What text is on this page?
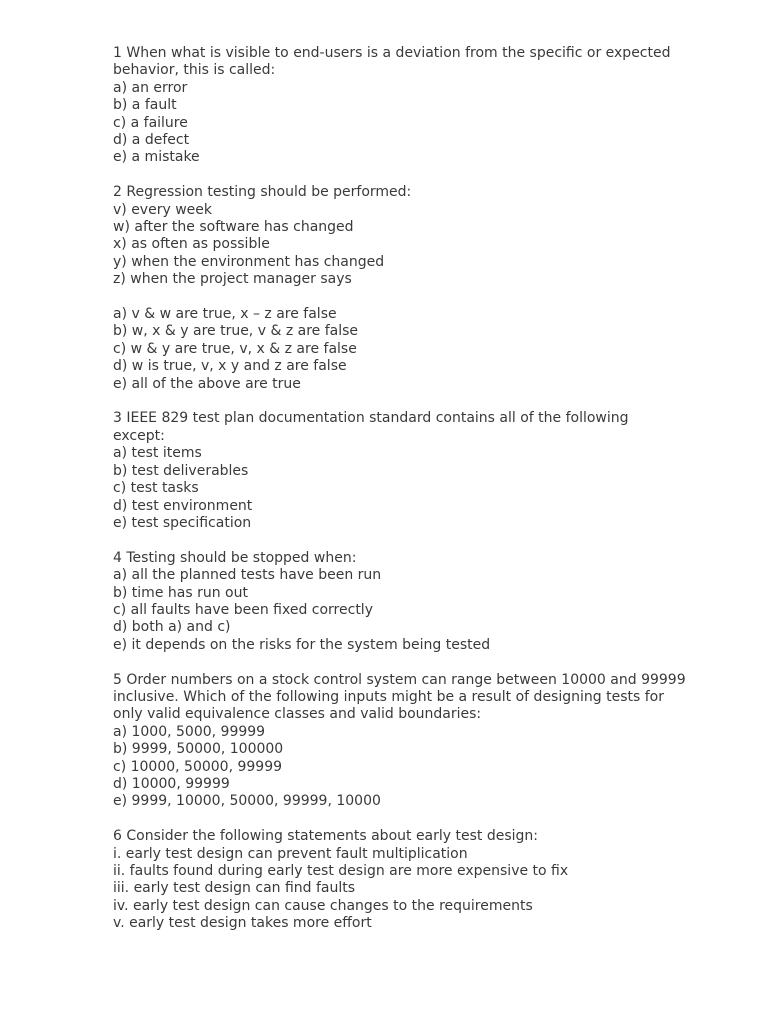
1 When what is visible to end-users is a deviation from the specific or expected
behavior, this is called:
a) an error
b) a fault
c) a failure
d) a defect
e) a mistake
2 Regression testing should be performed:
v) every week
w) after the software has changed
x) as often as possible
y) when the environment has changed
z) when the project manager says
a) v & w are true, x – z are false
b) w, x & y are true, v & z are false
c) w & y are true, v, x & z are false
d) w is true, v, x y and z are false
e) all of the above are true
3 IEEE 829 test plan documentation standard contains all of the following
except:
a) test items
b) test deliverables
c) test tasks
d) test environment
e) test specification
4 Testing should be stopped when:
a) all the planned tests have been run
b) time has run out
c) all faults have been fixed correctly
d) both a) and c)
e) it depends on the risks for the system being tested
5 Order numbers on a stock control system can range between 10000 and 99999
inclusive. Which of the following inputs might be a result of designing tests for
only valid equivalence classes and valid boundaries:
a) 1000, 5000, 99999
b) 9999, 50000, 100000
c) 10000, 50000, 99999
d) 10000, 99999
e) 9999, 10000, 50000, 99999, 10000
6 Consider the following statements about early test design:
i. early test design can prevent fault multiplication
ii. faults found during early test design are more expensive to fix
iii. early test design can find faults
iv. early test design can cause changes to the requirements
v. early test design takes more effort
